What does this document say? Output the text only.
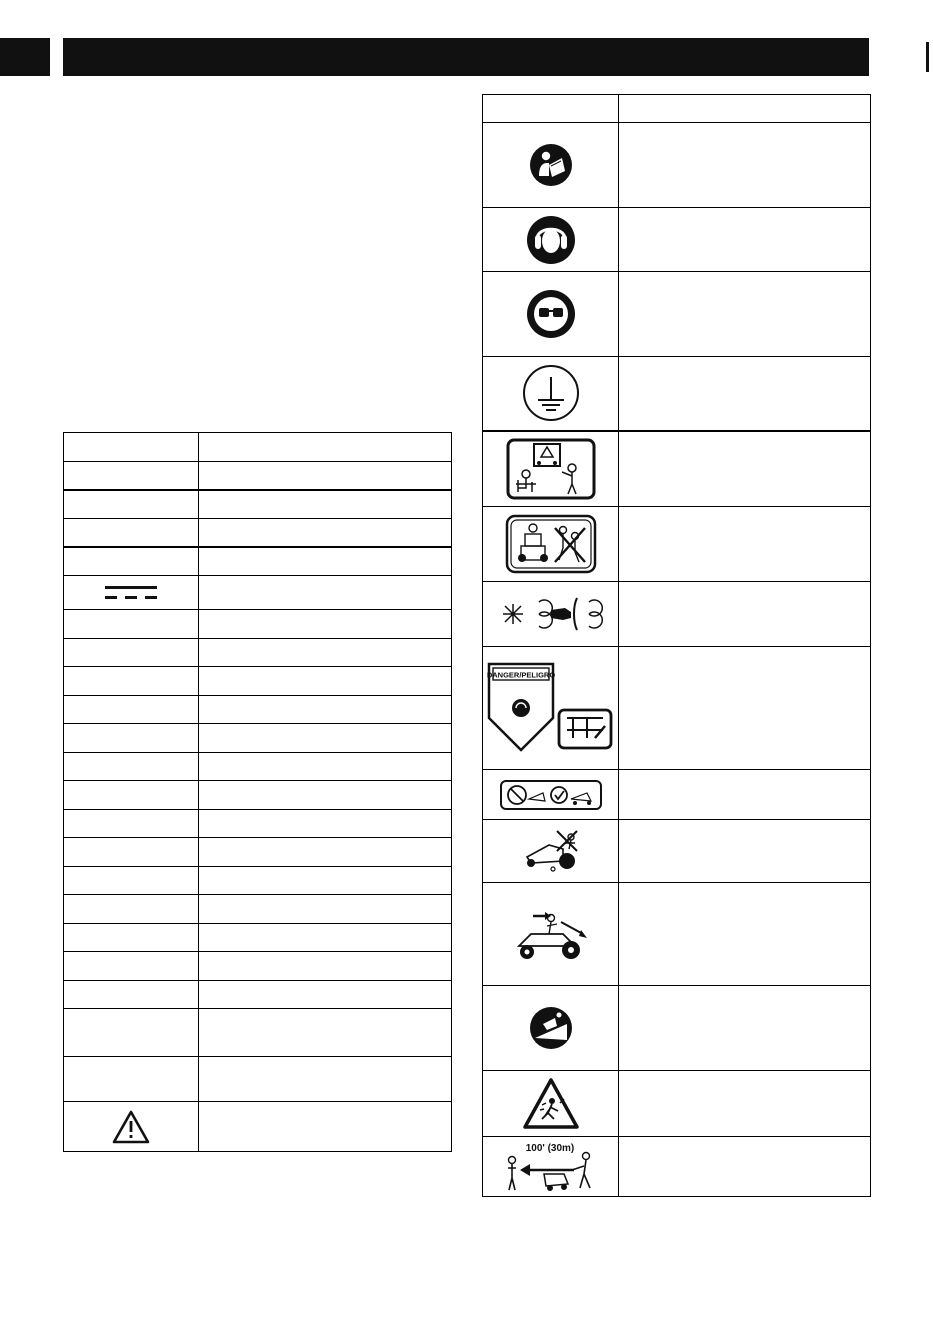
DANGER/PELIGRO	

100' (30m)	
